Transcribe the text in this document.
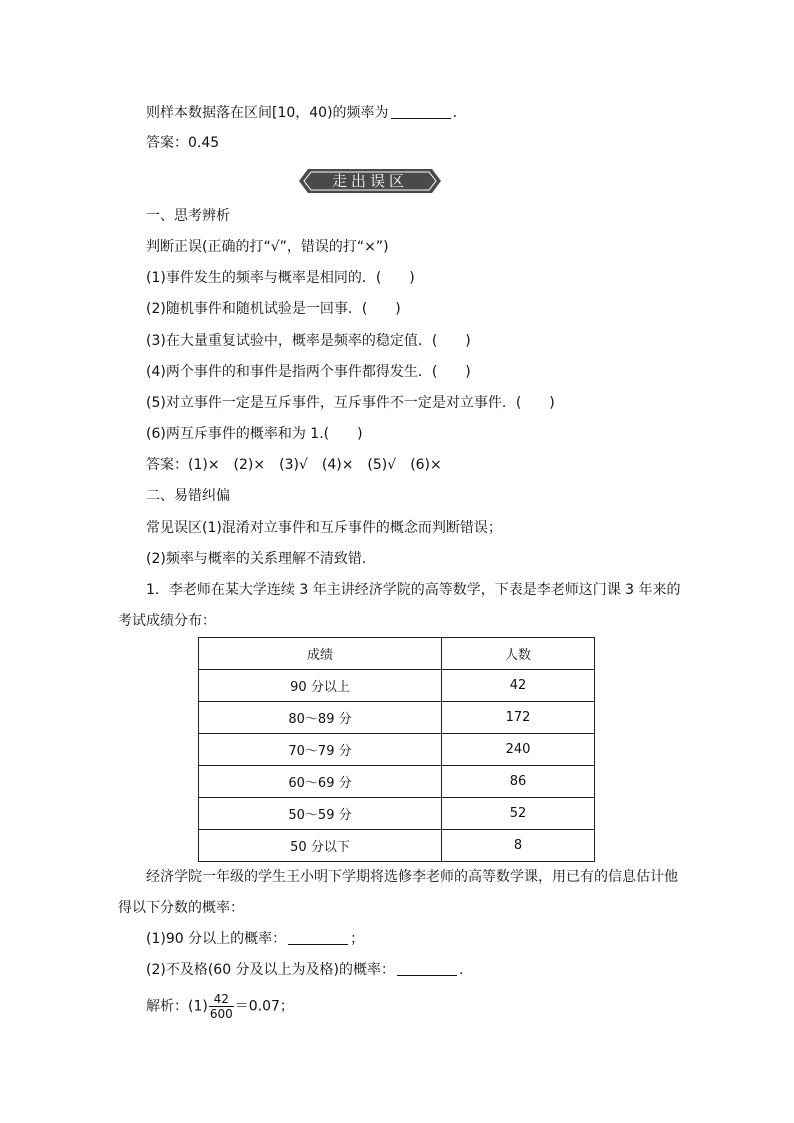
则样本数据落在区间[10，40)的频率为	.
答案：0.45
走出误区
一、思考辨析
判断正误(正确的打“√”，错误的打“×”)
(1)事件发生的频率与概率是相同的．(　　)
(2)随机事件和随机试验是一回事．(　　)
(3)在大量重复试验中，概率是频率的稳定值．(　　)
(4)两个事件的和事件是指两个事件都得发生．(　　)
(5)对立事件一定是互斥事件，互斥事件不一定是对立事件．(　　)
(6)两互斥事件的概率和为 1.(　　)
答案：(1)×　(2)×　(3)√　(4)×　(5)√　(6)×
二、易错纠偏
常见误区(1)混淆对立事件和互斥事件的概念而判断错误；
(2)频率与概率的关系理解不清致错．
1．李老师在某大学连续 3 年主讲经济学院的高等数学，下表是李老师这门课 3 年来的
考试成绩分布：
成绩	人数
90 分以上	42
80～89 分	172
70～79 分	240
60～69 分	86
50～59 分	52
50 分以下	8
经济学院一年级的学生王小明下学期将选修李老师的高等数学课，用已有的信息估计他
得以下分数的概率：
(1)90 分以上的概率：	；
(2)不及格(60 分及以上为及格)的概率：	.
解析：$(1) \frac{42}{600} =0.07$；
